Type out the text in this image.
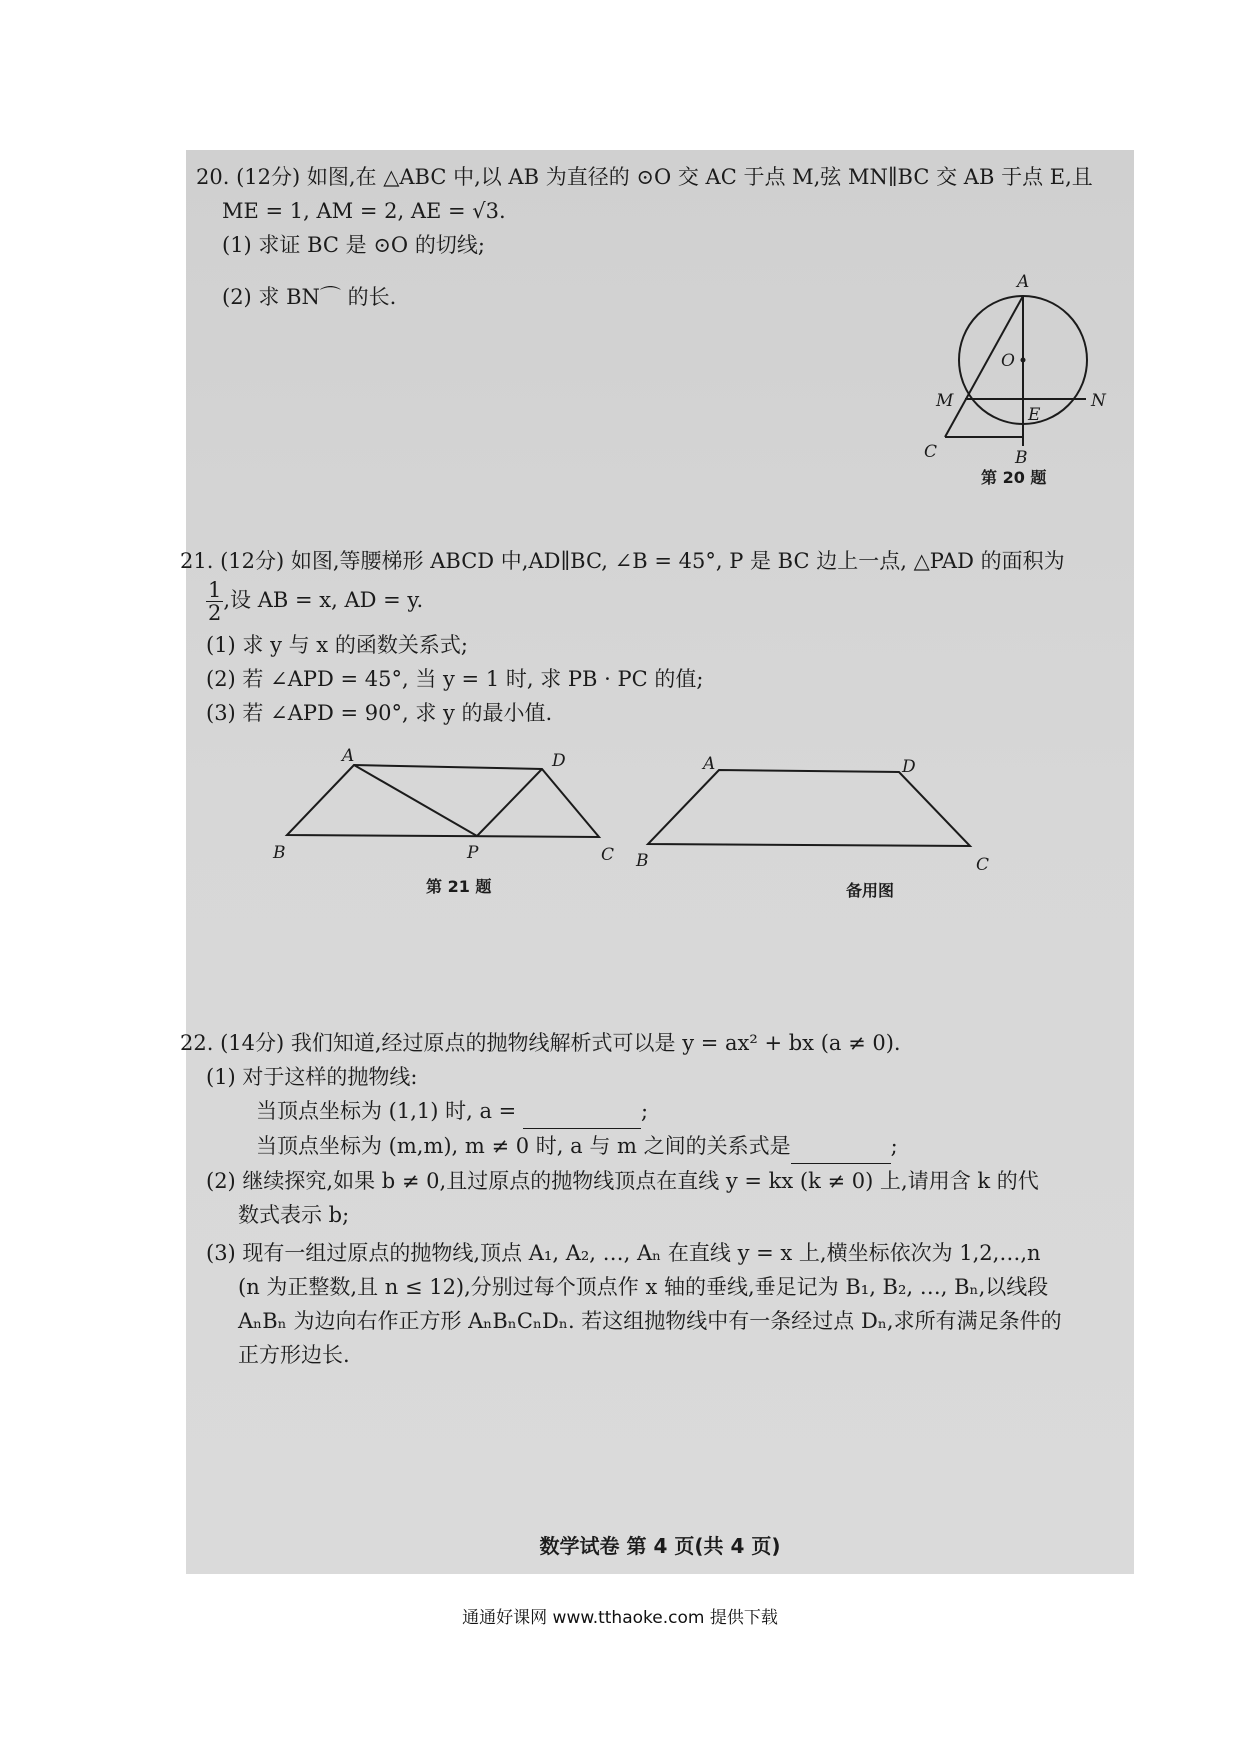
20. (12分) 如图,在 △ABC 中,以 AB 为直径的 ⊙O 交 AC 于点 M,弦 MN∥BC 交 AB 于点 E,且

ME = 1, AM = 2, AE = √3.

(1) 求证 BC 是 ⊙O 的切线;

(2) 求 BN⌒ 的长.

A
O
M
E
N
C	B
第 20 题

21. (12分) 如图,等腰梯形 ABCD 中,AD∥BC, ∠B = 45°, P 是 BC 边上一点, △PAD 的面积为

$\frac{1}{2}$ ,设 AB = x, AD = y.

(1) 求 y 与 x 的函数关系式;

(2) 若 ∠APD = 45°, 当 y = 1 时, 求 PB · PC 的值;

(3) 若 ∠APD = 90°, 求 y 的最小值.

A	D
B	P	C
第 21 题
A	D
B	C
备用图

22. (14分) 我们知道,经过原点的抛物线解析式可以是 y = ax² + bx (a ≠ 0).

(1) 对于这样的抛物线:

当顶点坐标为 (1,1) 时, a =	;

当顶点坐标为 (m,m), m ≠ 0 时, a 与 m 之间的关系式是	;

(2) 继续探究,如果 b ≠ 0,且过原点的抛物线顶点在直线 y = kx (k ≠ 0) 上,请用含 k 的代

数式表示 b;

(3) 现有一组过原点的抛物线,顶点 A₁, A₂, …, Aₙ 在直线 y = x 上,横坐标依次为 1,2,…,n

(n 为正整数,且 n ≤ 12),分别过每个顶点作 x 轴的垂线,垂足记为 B₁, B₂, …, Bₙ,以线段

AₙBₙ 为边向右作正方形 AₙBₙCₙDₙ. 若这组抛物线中有一条经过点 Dₙ,求所有满足条件的

正方形边长.

数学试卷 第 4 页(共 4 页)
通通好课网 www.tthaoke.com 提供下载
